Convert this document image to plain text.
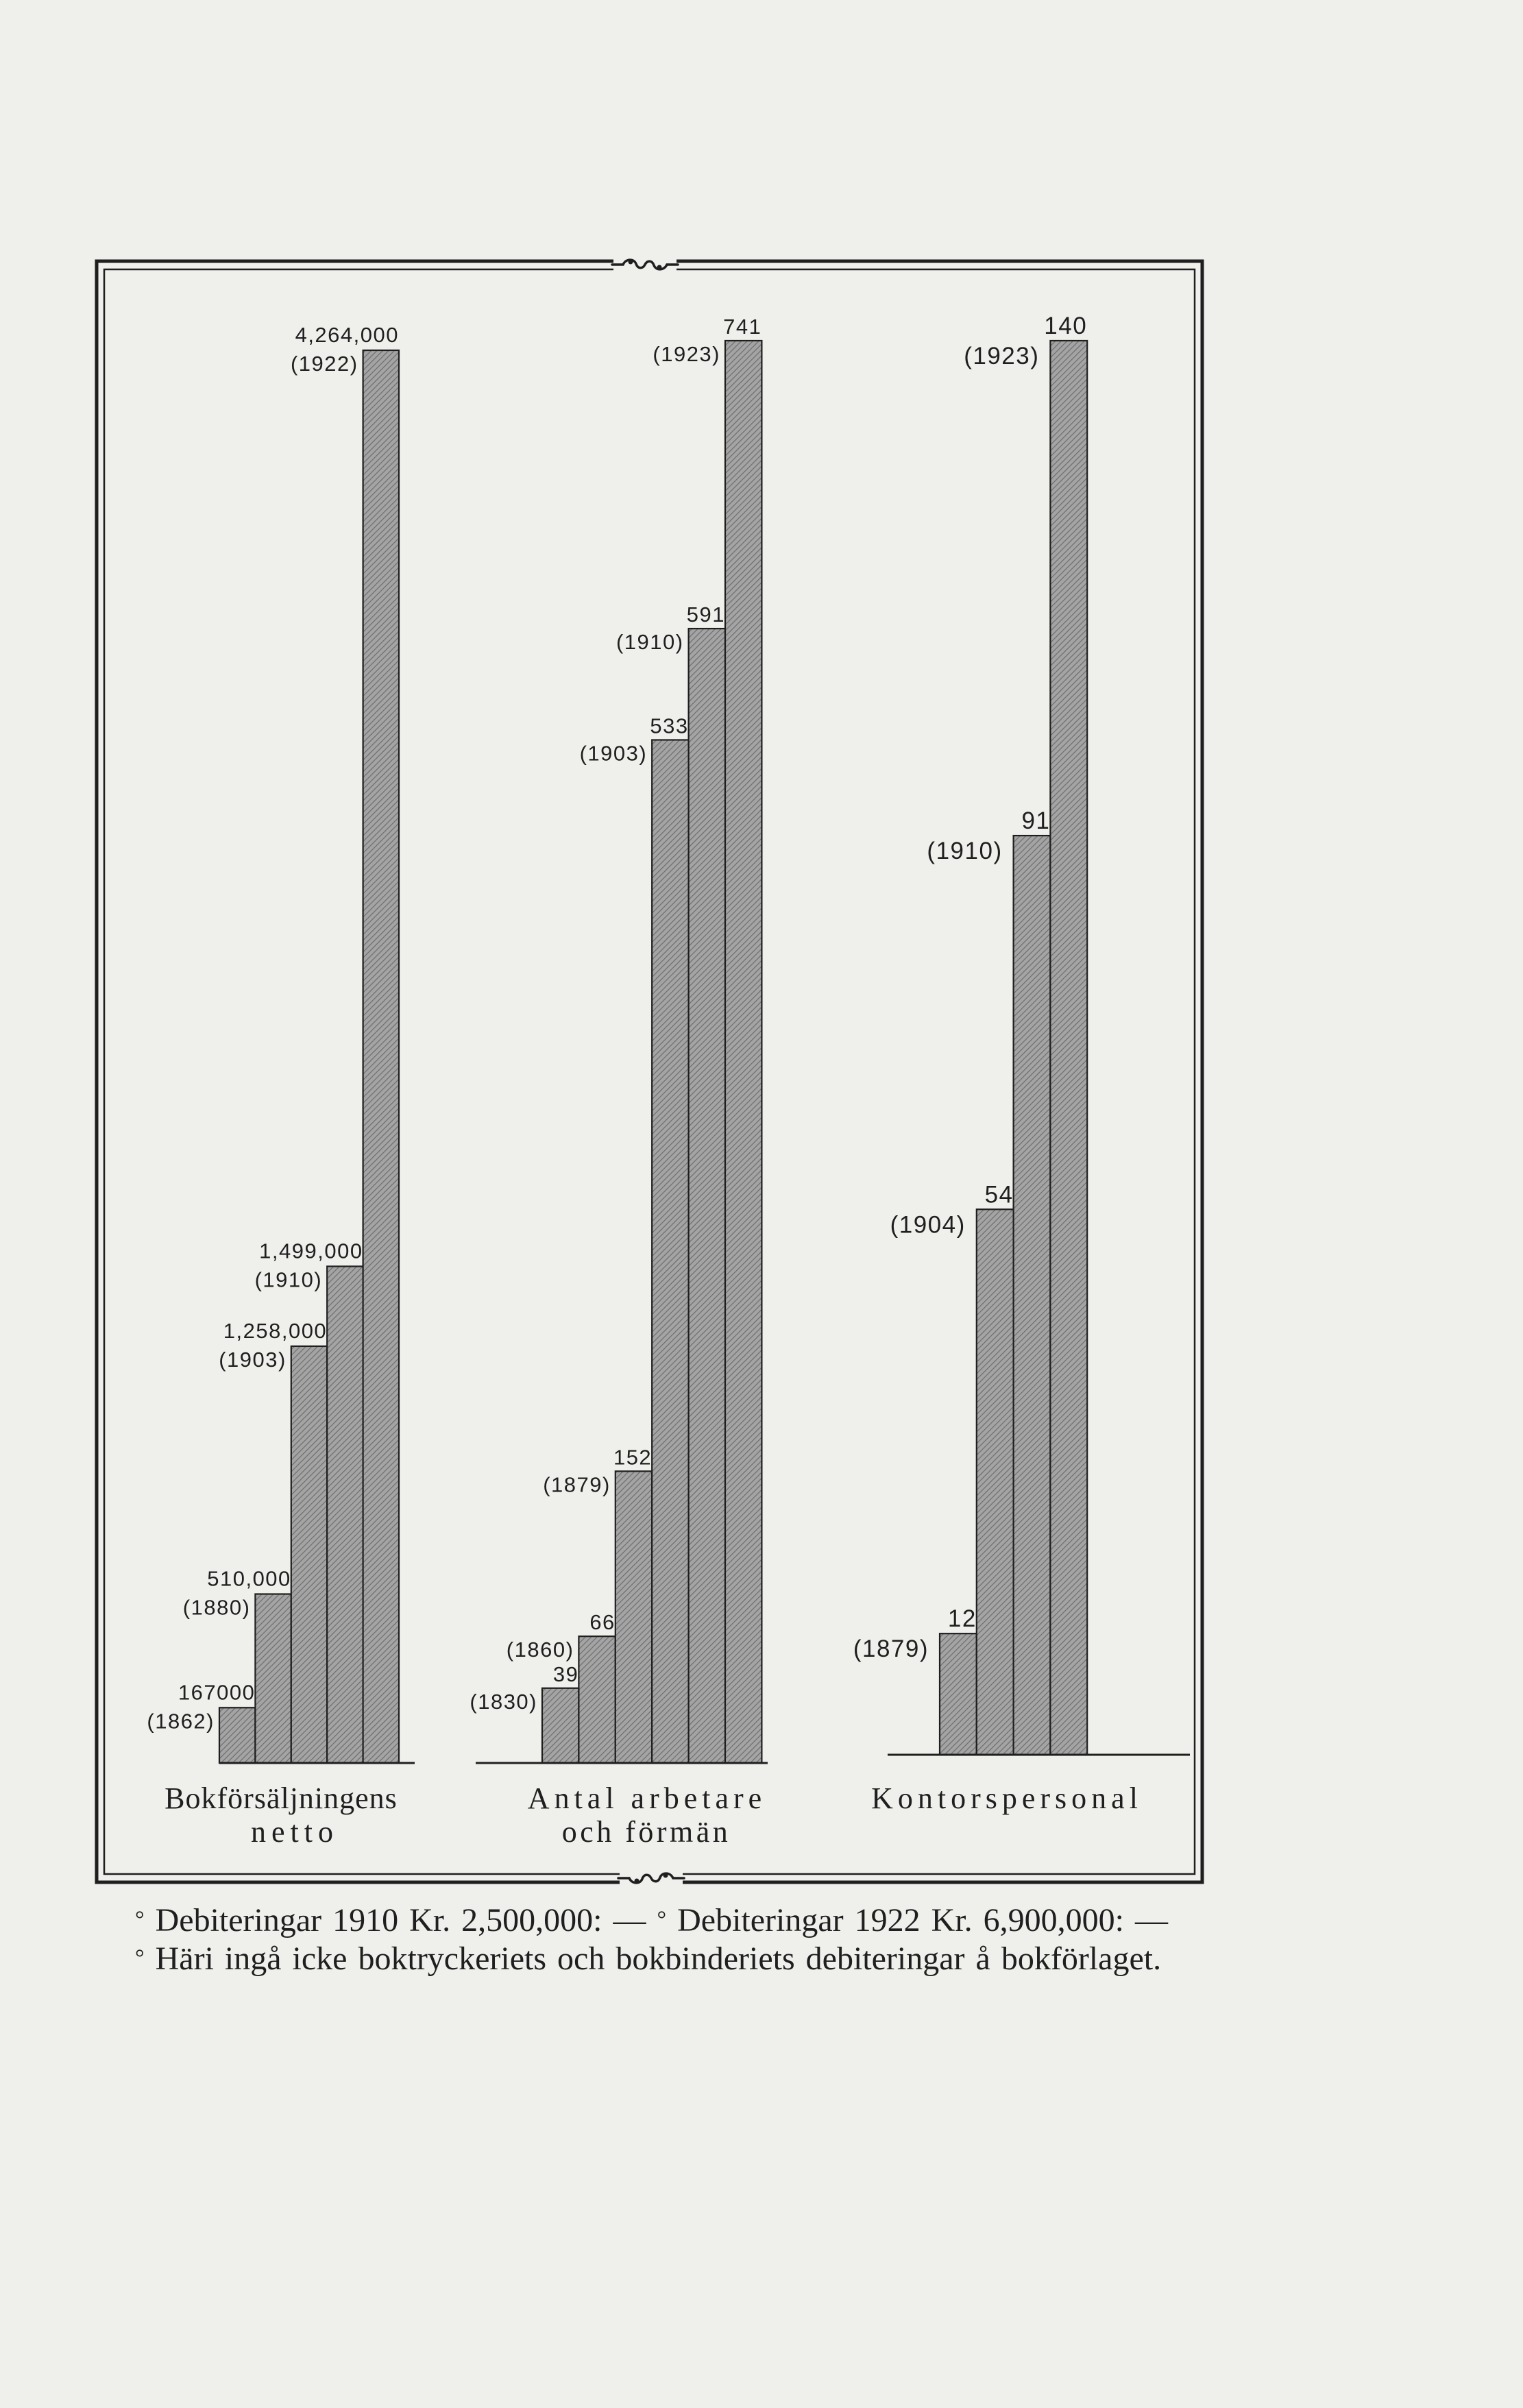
167000
(1862)
510,000
(1880)
1,258,000
(1903)
1,499,000
(1910)
4,264,000
(1922)
39
(1830)
66
(1860)
152
(1879)
533
(1903)
591
(1910)
741
(1923)
12
(1879)
54
(1904)
91
(1910)
140
(1923)
Bokförsäljningens
netto
Antal arbetare
och förmän
Kontorspersonal
° Debiteringar 1910 Kr. 2,500,000: — ° Debiteringar 1922 Kr. 6,900,000: —
° Häri ingå icke boktryckeriets och bokbinderiets debiteringar å bokförlaget.
